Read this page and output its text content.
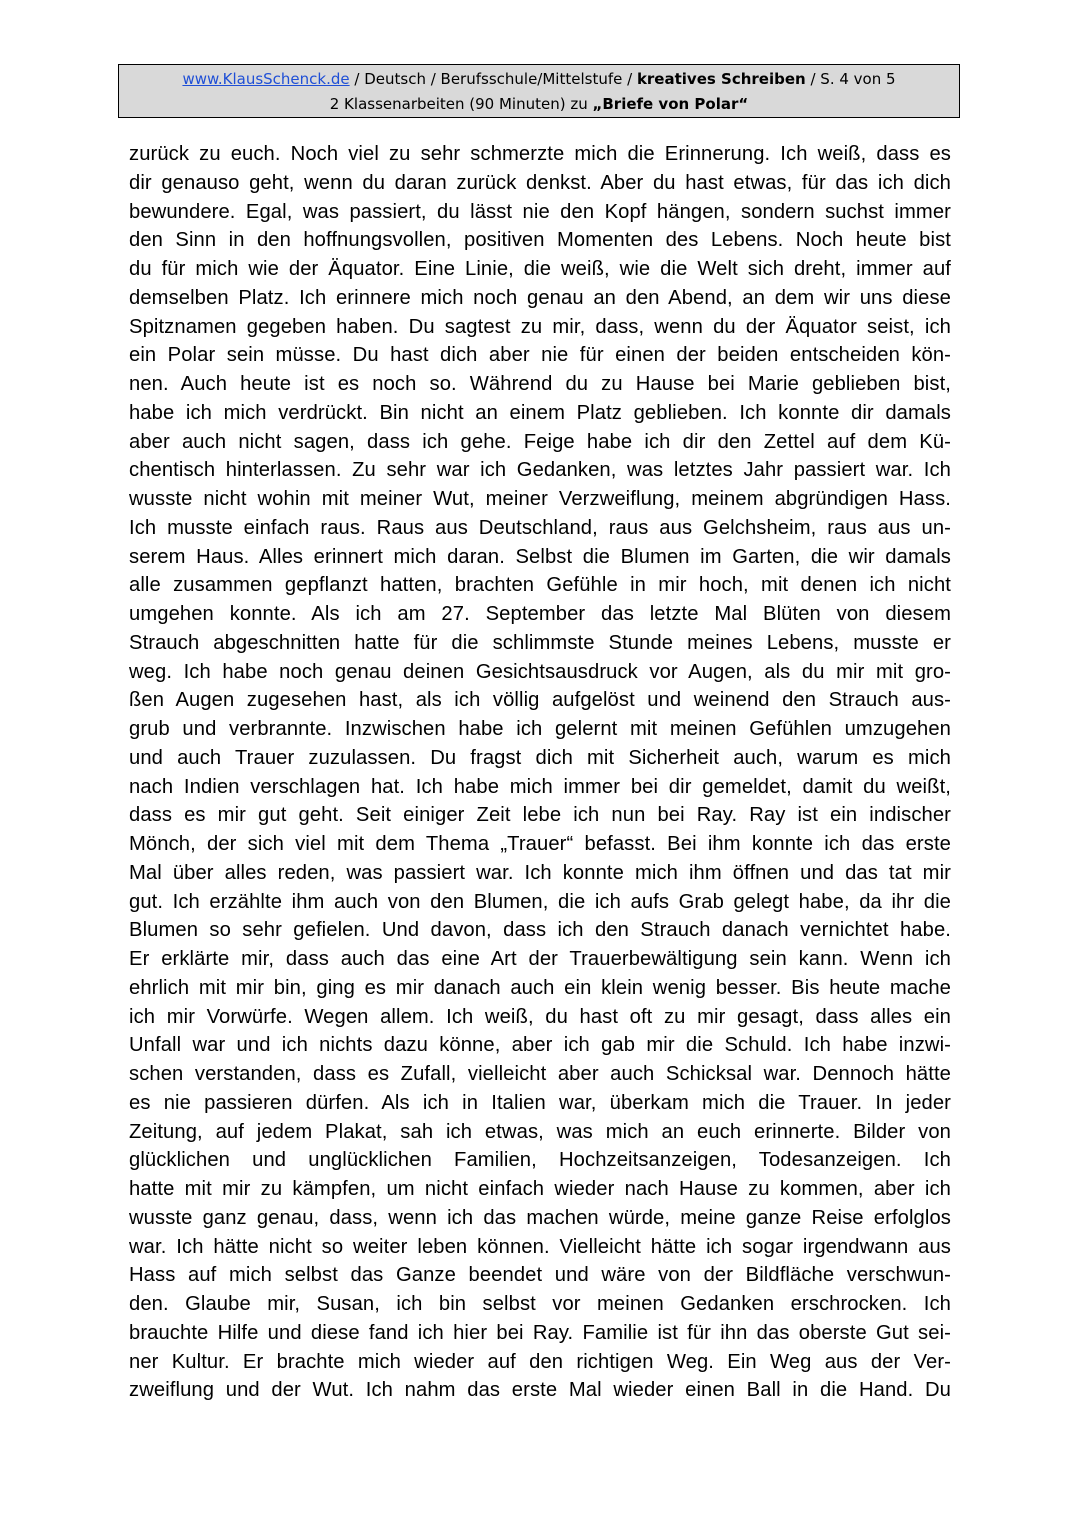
www.KlausSchenck.de / Deutsch / Berufsschule/Mittelstufe / kreatives Schreiben / S. 4 von 5
2 Klassenarbeiten (90 Minuten) zu „Briefe von Polar“
zurück zu euch. Noch viel zu sehr schmerzte mich die Erinnerung. Ich weiß, dass es
dir genauso geht, wenn du daran zurück denkst. Aber du hast etwas, für das ich dich
bewundere. Egal, was passiert, du lässt nie den Kopf hängen, sondern suchst immer
den Sinn in den hoffnungsvollen, positiven Momenten des Lebens. Noch heute bist
du für mich wie der Äquator. Eine Linie, die weiß, wie die Welt sich dreht, immer auf
demselben Platz. Ich erinnere mich noch genau an den Abend, an dem wir uns diese
Spitznamen gegeben haben. Du sagtest zu mir, dass, wenn du der Äquator seist, ich
ein Polar sein müsse. Du hast dich aber nie für einen der beiden entscheiden kön-
nen. Auch heute ist es noch so. Während du zu Hause bei Marie geblieben bist,
habe ich mich verdrückt. Bin nicht an einem Platz geblieben. Ich konnte dir damals
aber auch nicht sagen, dass ich gehe. Feige habe ich dir den Zettel auf dem Kü-
chentisch hinterlassen. Zu sehr war ich Gedanken, was letztes Jahr passiert war. Ich
wusste nicht wohin mit meiner Wut, meiner Verzweiflung, meinem abgründigen Hass.
Ich musste einfach raus. Raus aus Deutschland, raus aus Gelchsheim, raus aus un-
serem Haus. Alles erinnert mich daran. Selbst die Blumen im Garten, die wir damals
alle zusammen gepflanzt hatten, brachten Gefühle in mir hoch, mit denen ich nicht
umgehen konnte. Als ich am 27. September das letzte Mal Blüten von diesem
Strauch abgeschnitten hatte für die schlimmste Stunde meines Lebens, musste er
weg. Ich habe noch genau deinen Gesichtsausdruck vor Augen, als du mir mit gro-
ßen Augen zugesehen hast, als ich völlig aufgelöst und weinend den Strauch aus-
grub und verbrannte. Inzwischen habe ich gelernt mit meinen Gefühlen umzugehen
und auch Trauer zuzulassen. Du fragst dich mit Sicherheit auch, warum es mich
nach Indien verschlagen hat. Ich habe mich immer bei dir gemeldet, damit du weißt,
dass es mir gut geht. Seit einiger Zeit lebe ich nun bei Ray. Ray ist ein indischer
Mönch, der sich viel mit dem Thema „Trauer“ befasst. Bei ihm konnte ich das erste
Mal über alles reden, was passiert war. Ich konnte mich ihm öffnen und das tat mir
gut. Ich erzählte ihm auch von den Blumen, die ich aufs Grab gelegt habe, da ihr die
Blumen so sehr gefielen. Und davon, dass ich den Strauch danach vernichtet habe.
Er erklärte mir, dass auch das eine Art der Trauerbewältigung sein kann. Wenn ich
ehrlich mit mir bin, ging es mir danach auch ein klein wenig besser. Bis heute mache
ich mir Vorwürfe. Wegen allem. Ich weiß, du hast oft zu mir gesagt, dass alles ein
Unfall war und ich nichts dazu könne, aber ich gab mir die Schuld. Ich habe inzwi-
schen verstanden, dass es Zufall, vielleicht aber auch Schicksal war. Dennoch hätte
es nie passieren dürfen. Als ich in Italien war, überkam mich die Trauer. In jeder
Zeitung, auf jedem Plakat, sah ich etwas, was mich an euch erinnerte. Bilder von
glücklichen und unglücklichen Familien, Hochzeitsanzeigen, Todesanzeigen. Ich
hatte mit mir zu kämpfen, um nicht einfach wieder nach Hause zu kommen, aber ich
wusste ganz genau, dass, wenn ich das machen würde, meine ganze Reise erfolglos
war. Ich hätte nicht so weiter leben können. Vielleicht hätte ich sogar irgendwann aus
Hass auf mich selbst das Ganze beendet und wäre von der Bildfläche verschwun-
den. Glaube mir, Susan, ich bin selbst vor meinen Gedanken erschrocken. Ich
brauchte Hilfe und diese fand ich hier bei Ray. Familie ist für ihn das oberste Gut sei-
ner Kultur. Er brachte mich wieder auf den richtigen Weg. Ein Weg aus der Ver-
zweiflung und der Wut. Ich nahm das erste Mal wieder einen Ball in die Hand. Du
